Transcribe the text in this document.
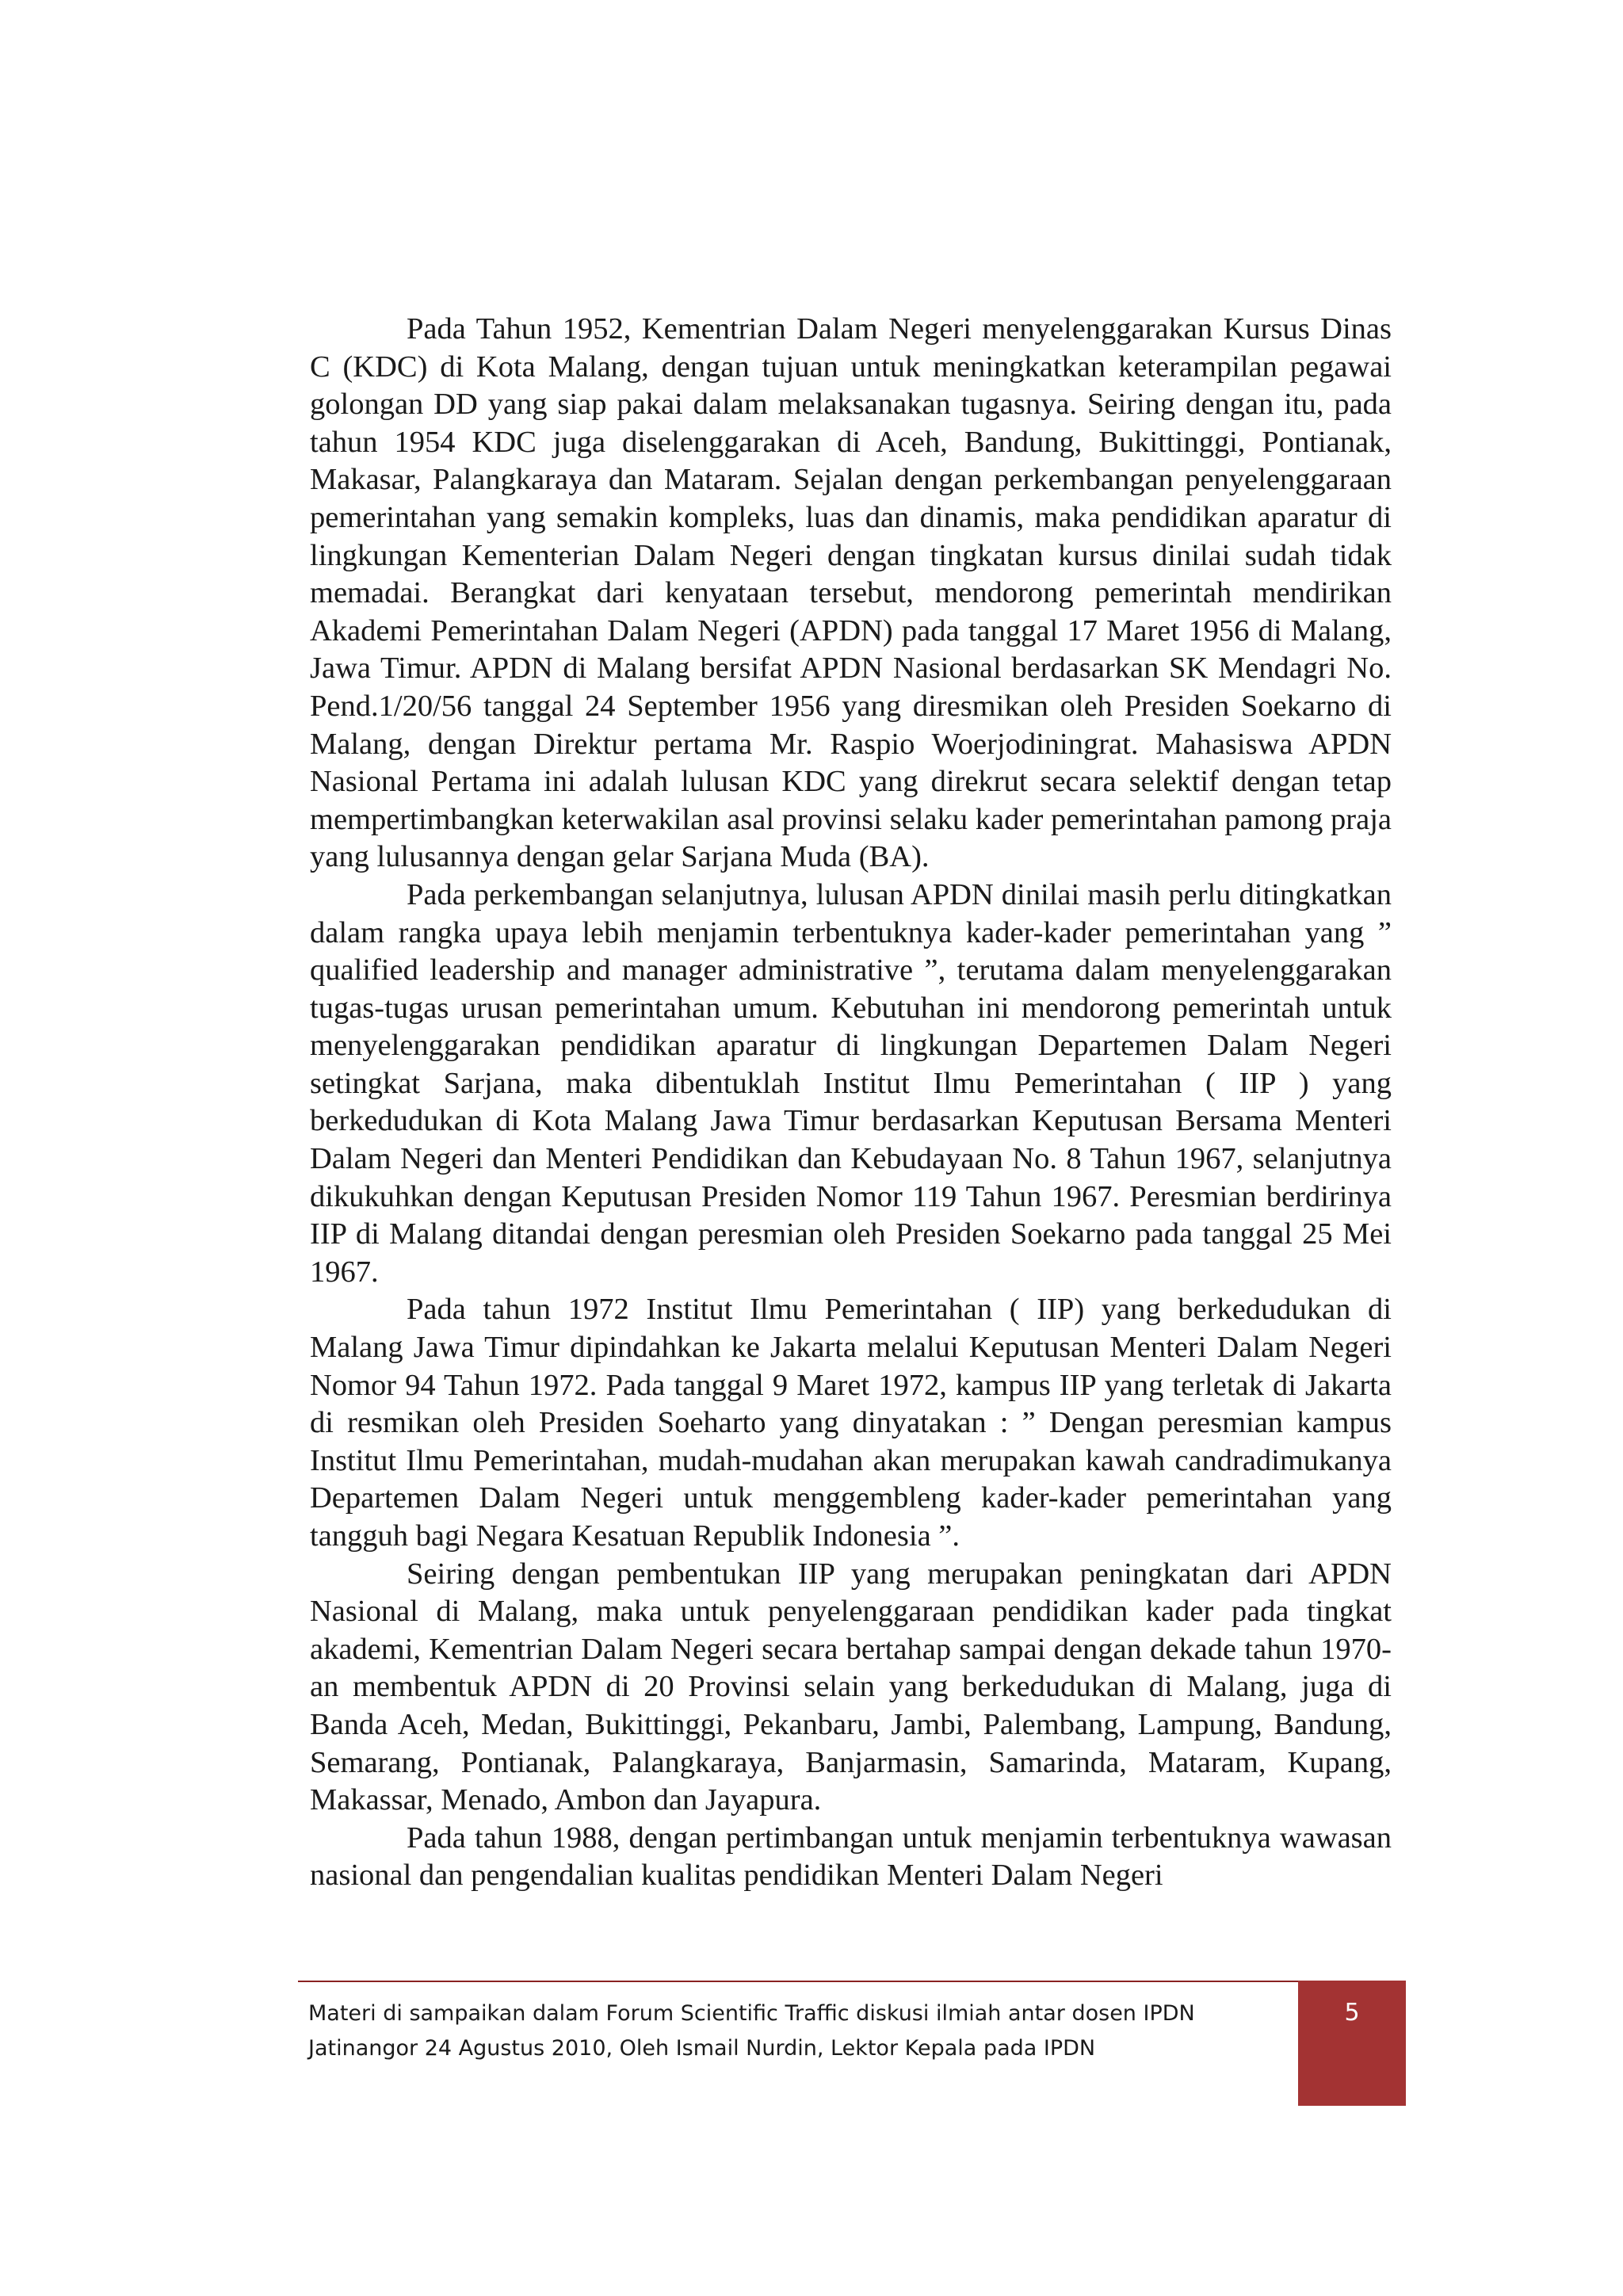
Pada Tahun 1952, Kementrian Dalam Negeri menyelenggarakan Kursus Dinas C (KDC) di Kota Malang, dengan tujuan untuk meningkatkan keterampilan pegawai golongan DD yang siap pakai dalam melaksanakan tugasnya. Seiring dengan itu, pada tahun 1954 KDC juga diselenggarakan di Aceh, Bandung, Bukittinggi, Pontianak, Makasar, Palangkaraya dan Mataram. Sejalan dengan perkembangan penyelenggaraan pemerintahan yang semakin kompleks, luas dan dinamis, maka pendidikan aparatur di lingkungan Kementerian Dalam Negeri dengan tingkatan kursus dinilai sudah tidak memadai. Berangkat dari kenyataan tersebut, mendorong pemerintah mendirikan Akademi Pemerintahan Dalam Negeri (APDN) pada tanggal 17 Maret 1956 di Malang, Jawa Timur. APDN di Malang bersifat APDN Nasional berdasarkan SK Mendagri No. Pend.1/20/56 tanggal 24 September 1956 yang diresmikan oleh Presiden Soekarno di Malang, dengan Direktur pertama Mr. Raspio Woerjodiningrat. Mahasiswa APDN Nasional Pertama ini adalah lulusan KDC yang direkrut secara selektif dengan tetap mempertimbangkan keterwakilan asal provinsi selaku kader pemerintahan pamong praja yang lulusannya dengan gelar Sarjana Muda (BA).

Pada perkembangan selanjutnya, lulusan APDN dinilai masih perlu ditingkatkan dalam rangka upaya lebih menjamin terbentuknya kader-kader pemerintahan yang ” qualified leadership and manager administrative ”, terutama dalam menyelenggarakan tugas-tugas urusan pemerintahan umum. Kebutuhan ini mendorong pemerintah untuk menyelenggarakan pendidikan aparatur di lingkungan Departemen Dalam Negeri setingkat Sarjana, maka dibentuklah Institut Ilmu Pemerintahan ( IIP ) yang berkedudukan di Kota Malang Jawa Timur berdasarkan Keputusan Bersama Menteri Dalam Negeri dan Menteri Pendidikan dan Kebudayaan No. 8 Tahun 1967, selanjutnya dikukuhkan dengan Keputusan Presiden Nomor 119 Tahun 1967. Peresmian berdirinya IIP di Malang ditandai dengan peresmian oleh Presiden Soekarno pada tanggal 25 Mei 1967.

Pada tahun 1972 Institut Ilmu Pemerintahan ( IIP) yang berkedudukan di Malang Jawa Timur dipindahkan ke Jakarta melalui Keputusan Menteri Dalam Negeri Nomor 94 Tahun 1972. Pada tanggal 9 Maret 1972, kampus IIP yang terletak di Jakarta di resmikan oleh Presiden Soeharto yang dinyatakan : ” Dengan peresmian kampus Institut Ilmu Pemerintahan, mudah-mudahan akan merupakan kawah candradimukanya Departemen Dalam Negeri untuk menggembleng kader-kader pemerintahan yang tangguh bagi Negara Kesatuan Republik Indonesia ”.

Seiring dengan pembentukan IIP yang merupakan peningkatan dari APDN Nasional di Malang, maka untuk penyelenggaraan pendidikan kader pada tingkat akademi, Kementrian Dalam Negeri secara bertahap sampai dengan dekade tahun 1970-an membentuk APDN di 20 Provinsi selain yang berkedudukan di Malang, juga di Banda Aceh, Medan, Bukittinggi, Pekanbaru, Jambi, Palembang, Lampung, Bandung, Semarang, Pontianak, Palangkaraya, Banjarmasin, Samarinda, Mataram, Kupang, Makassar, Menado, Ambon dan Jayapura.

Pada tahun 1988, dengan pertimbangan untuk menjamin terbentuknya wawasan nasional dan pengendalian kualitas pendidikan Menteri Dalam Negeri

Materi di sampaikan dalam Forum Scientific Traffic diskusi ilmiah antar dosen IPDN
Jatinangor 24 Agustus 2010, Oleh Ismail Nurdin, Lektor Kepala pada IPDN
5
